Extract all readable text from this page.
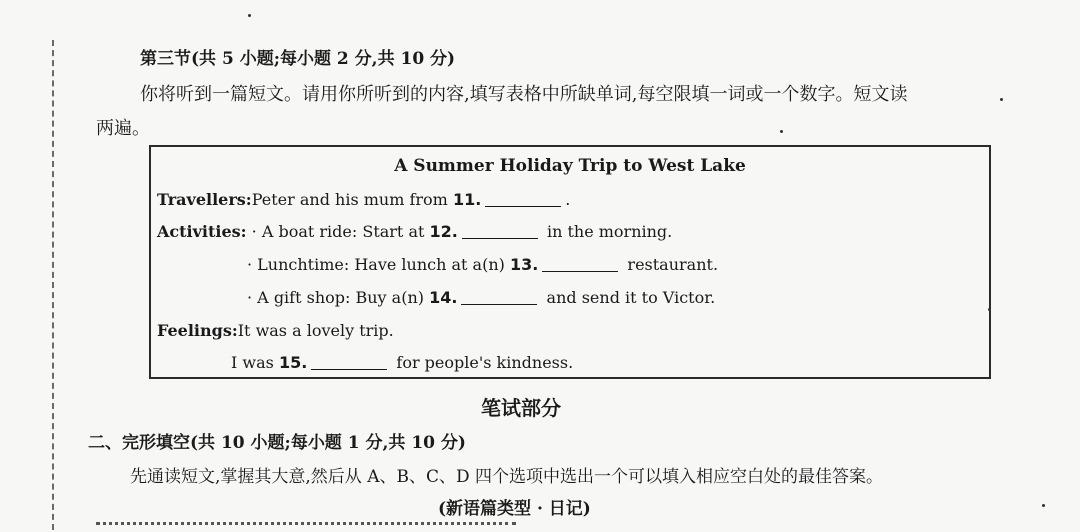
第三节(共 5 小题;每小题 2 分,共 10 分)
你将听到一篇短文。请用你所听到的内容,填写表格中所缺单词,每空限填一词或一个数字。短文读
两遍。
A Summer Holiday Trip to West Lake
Travellers:Peter and his mum from 11.	.
Activities: · A boat ride: Start at 12.	in the morning.
· Lunchtime: Have lunch at a(n) 13.	restaurant.
· A gift shop: Buy a(n) 14.	and send it to Victor.
Feelings:It was a lovely trip.
I was 15.	for people's kindness.
笔试部分
二、完形填空(共 10 小题;每小题 1 分,共 10 分)
先通读短文,掌握其大意,然后从 A、B、C、D 四个选项中选出一个可以填入相应空白处的最佳答案。
(新语篇类型 · 日记)
